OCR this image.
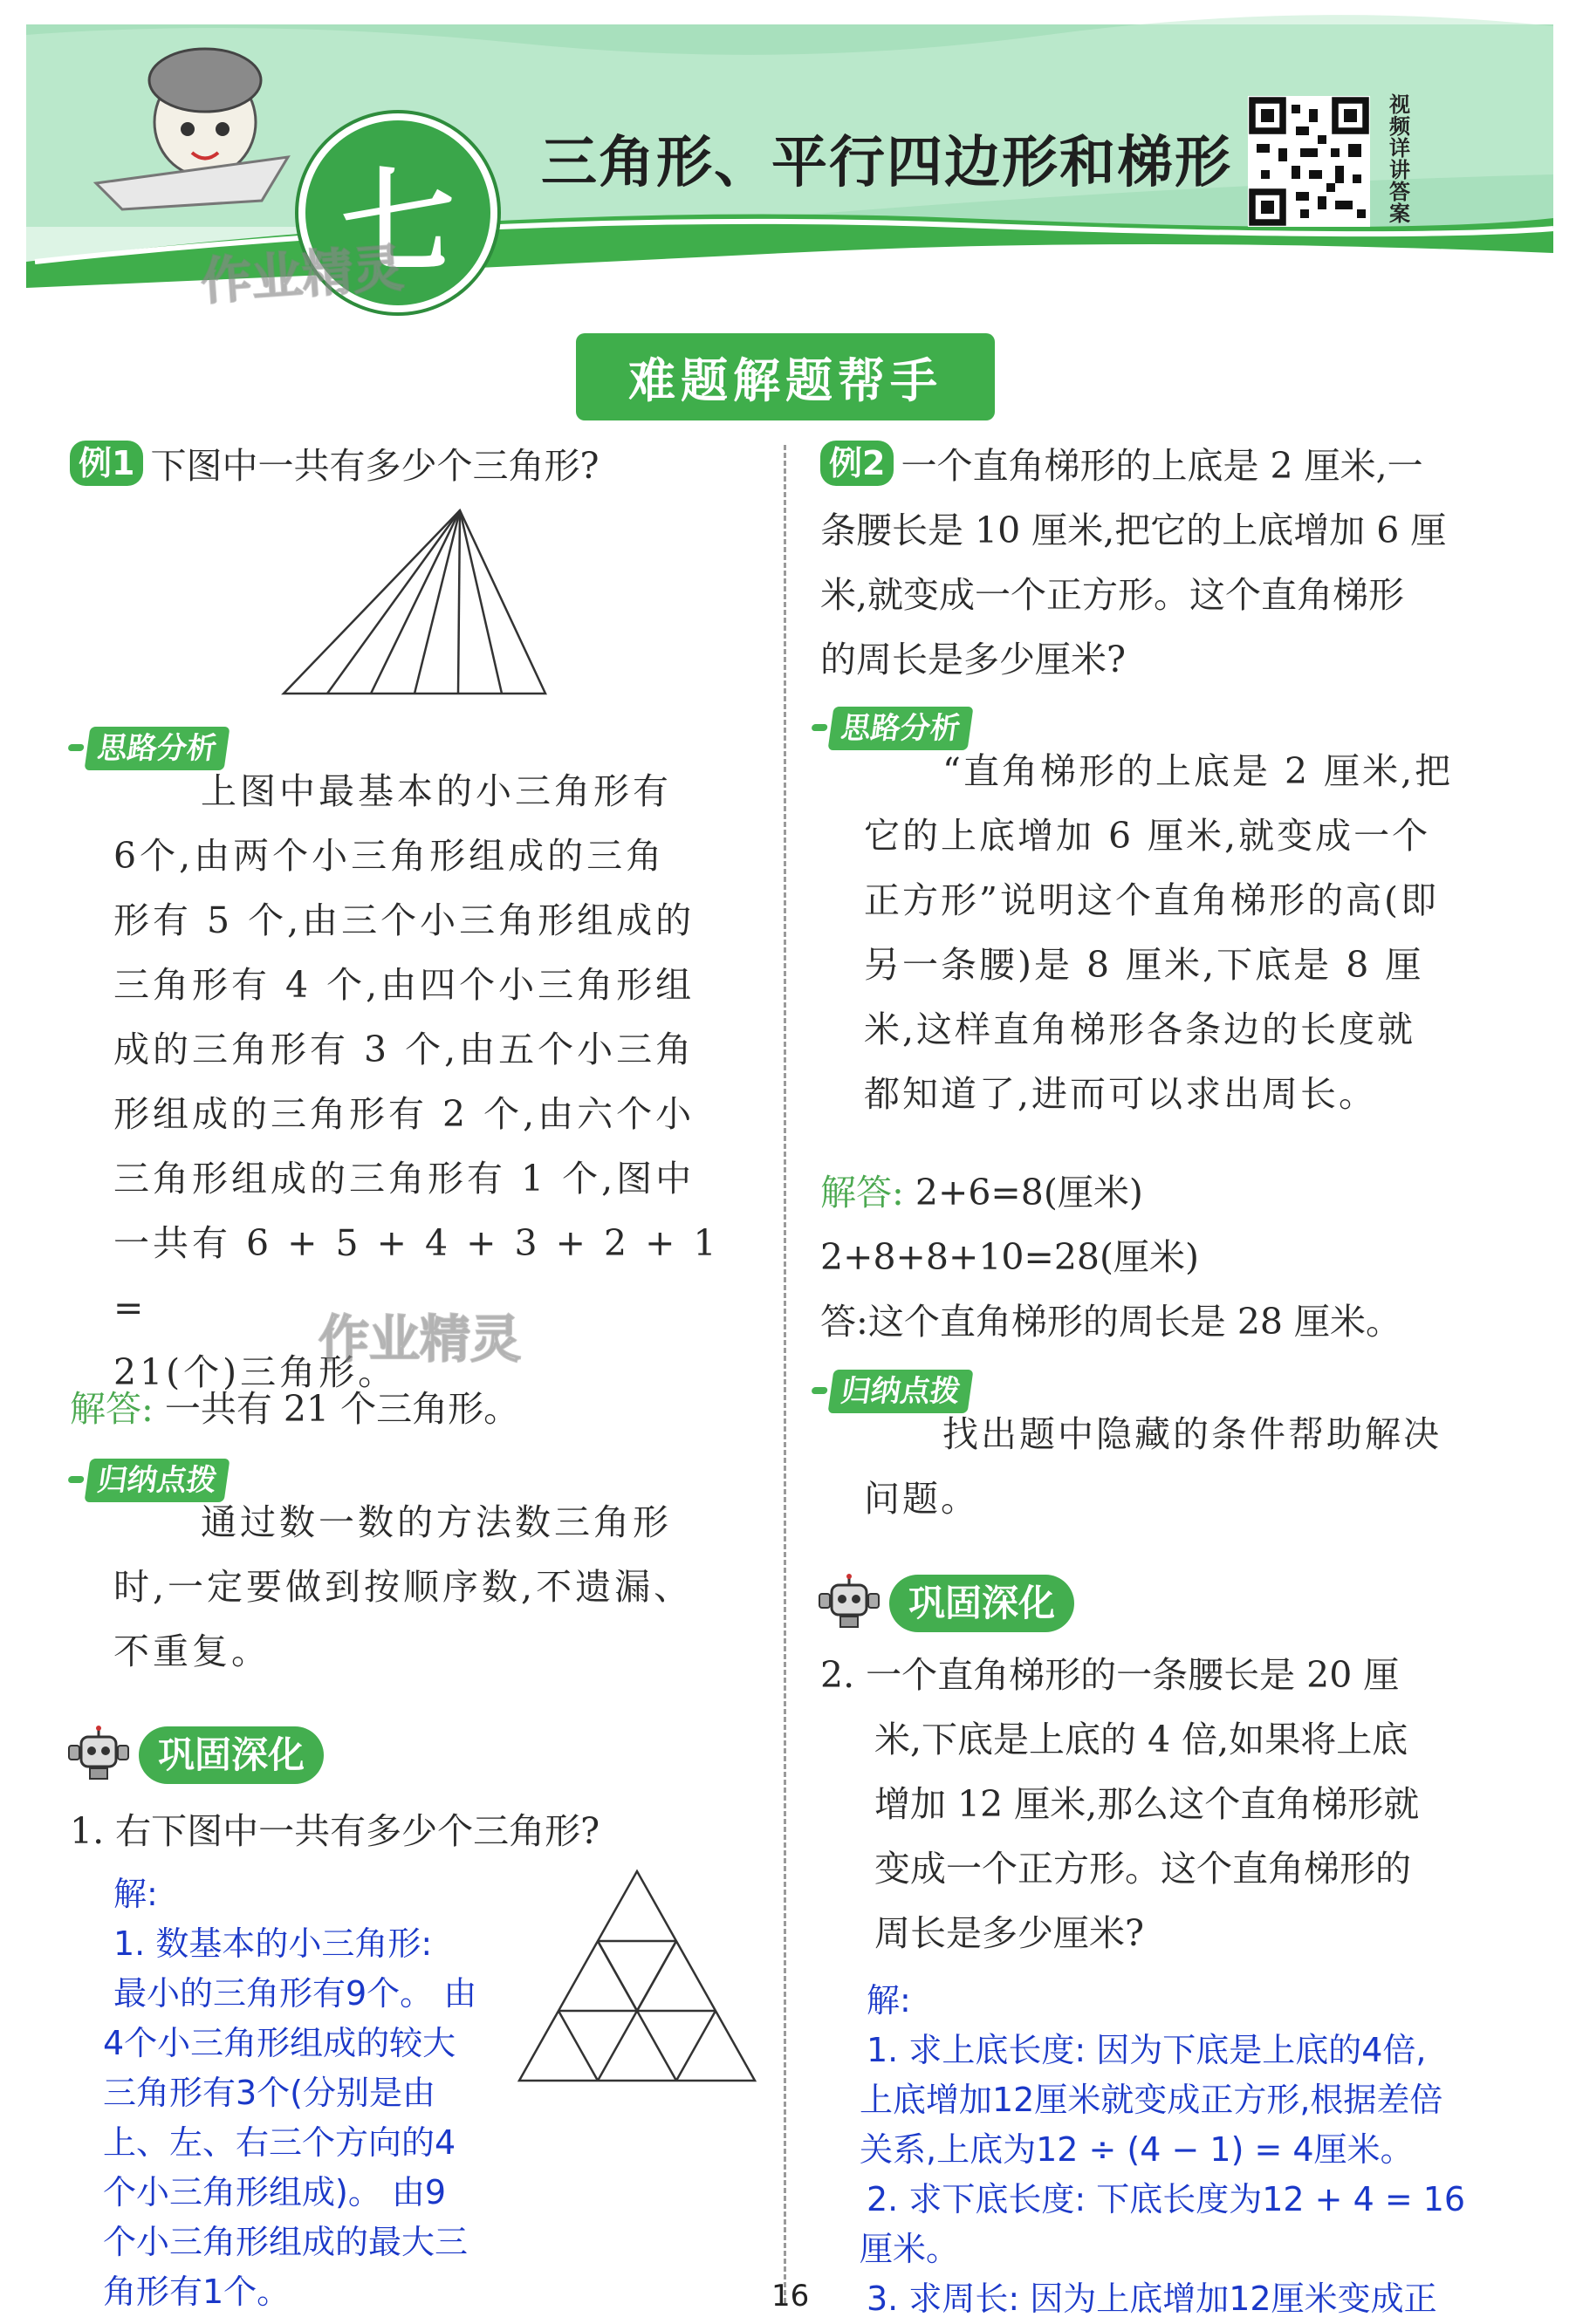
七	三角形、平行四边形和梯形
视频详讲答案
作业精灵
难题解题帮手

例1 下图中一共有多少个三角形?

思路分析

上图中最基本的小三角形有

6个,由两个小三角形组成的三角

形有 5 个,由三个小三角形组成的

三角形有 4 个,由四个小三角形组

成的三角形有 3 个,由五个小三角

形组成的三角形有 2 个,由六个小

三角形组成的三角形有 1 个,图中

一共有 6 + 5 + 4 + 3 + 2 + 1 =

21(个)三角形。

作业精灵

解答: 一共有 21 个三角形。

归纳点拨

通过数一数的方法数三角形

时,一定要做到按顺序数,不遗漏、

不重复。

巩固深化
1. 右下图中一共有多少个三角形?

解:

1. 数基本的小三角形:

最小的三角形有9个。 由

4个小三角形组成的较大

三角形有3个(分别是由

上、左、右三个方向的4

个小三角形组成)。 由9

个小三角形组成的最大三

角形有1个。

例2 一个直角梯形的上底是 2 厘米,一

条腰长是 10 厘米,把它的上底增加 6 厘

米,就变成一个正方形。这个直角梯形

的周长是多少厘米?

思路分析

“直角梯形的上底是 2 厘米,把

它的上底增加 6 厘米,就变成一个

正方形”说明这个直角梯形的高(即

另一条腰)是 8 厘米,下底是 8 厘

米,这样直角梯形各条边的长度就

都知道了,进而可以求出周长。

解答: 2+6=8(厘米)

2+8+8+10=28(厘米)

答:这个直角梯形的周长是 28 厘米。

归纳点拨

找出题中隐藏的条件帮助解决

问题。

巩固深化

2. 一个直角梯形的一条腰长是 20 厘

米,下底是上底的 4 倍,如果将上底

增加 12 厘米,那么这个直角梯形就

变成一个正方形。这个直角梯形的

周长是多少厘米?

解:

1. 求上底长度: 因为下底是上底的4倍,

上底增加12厘米就变成正方形,根据差倍

关系,上底为12 ÷ (4 − 1) = 4厘米。

2. 求下底长度: 下底长度为12 + 4 = 16

厘米。

3. 求周长: 因为上底增加12厘米变成正

16
